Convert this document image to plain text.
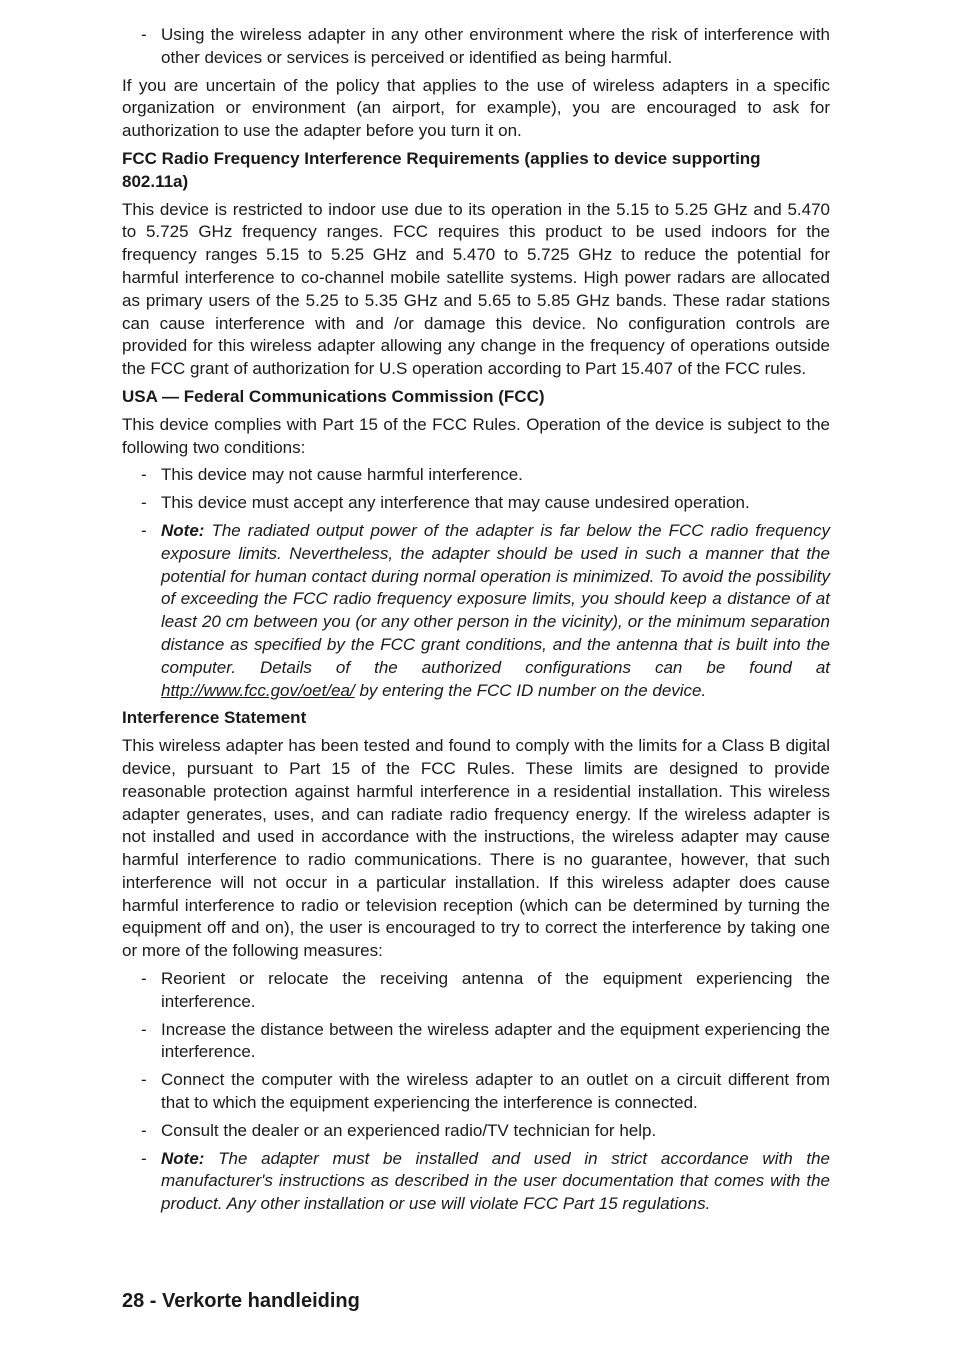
- Using the wireless adapter in any other environment where the risk of interference with other devices or services is perceived or identified as being harmful.

If you are uncertain of the policy that applies to the use of wireless adapters in a specific organization or environment (an airport, for example), you are encouraged to ask for authorization to use the adapter before you turn it on.

FCC Radio Frequency Interference Requirements (applies to device supporting 802.11a)

This device is restricted to indoor use due to its operation in the 5.15 to 5.25 GHz and 5.470 to 5.725 GHz frequency ranges. FCC requires this product to be used indoors for the frequency ranges 5.15 to 5.25 GHz and 5.470 to 5.725 GHz to reduce the potential for harmful interference to co-channel mobile satellite systems. High power radars are allocated as primary users of the 5.25 to 5.35 GHz and 5.65 to 5.85 GHz bands. These radar stations can cause interference with and /or damage this device. No configuration controls are provided for this wireless adapter allowing any change in the frequency of operations outside the FCC grant of authorization for U.S operation according to Part 15.407 of the FCC rules.

USA — Federal Communications Commission (FCC)

This device complies with Part 15 of the FCC Rules. Operation of the device is subject to the following two conditions:

- This device may not cause harmful interference.
- This device must accept any interference that may cause undesired operation.
- Note: The radiated output power of the adapter is far below the FCC radio frequency exposure limits. Nevertheless, the adapter should be used in such a manner that the potential for human contact during normal operation is minimized. To avoid the possibility of exceeding the FCC radio frequency exposure limits, you should keep a distance of at least 20 cm between you (or any other person in the vicinity), or the minimum separation distance as specified by the FCC grant conditions, and the antenna that is built into the computer. Details of the authorized configurations can be found at http://www.fcc.gov/oet/ea/ by entering the FCC ID number on the device.
Interference Statement

This wireless adapter has been tested and found to comply with the limits for a Class B digital device, pursuant to Part 15 of the FCC Rules. These limits are designed to provide reasonable protection against harmful interference in a residential installation. This wireless adapter generates, uses, and can radiate radio frequency energy. If the wireless adapter is not installed and used in accordance with the instructions, the wireless adapter may cause harmful interference to radio communications. There is no guarantee, however, that such interference will not occur in a particular installation. If this wireless adapter does cause harmful interference to radio or television reception (which can be determined by turning the equipment off and on), the user is encouraged to try to correct the interference by taking one or more of the following measures:

- Reorient or relocate the receiving antenna of the equipment experiencing the interference.
- Increase the distance between the wireless adapter and the equipment experiencing the interference.
- Connect the computer with the wireless adapter to an outlet on a circuit different from that to which the equipment experiencing the interference is connected.
- Consult the dealer or an experienced radio/TV technician for help.
- Note: The adapter must be installed and used in strict accordance with the manufacturer's instructions as described in the user documentation that comes with the product. Any other installation or use will violate FCC Part 15 regulations.
28 - Verkorte handleiding
